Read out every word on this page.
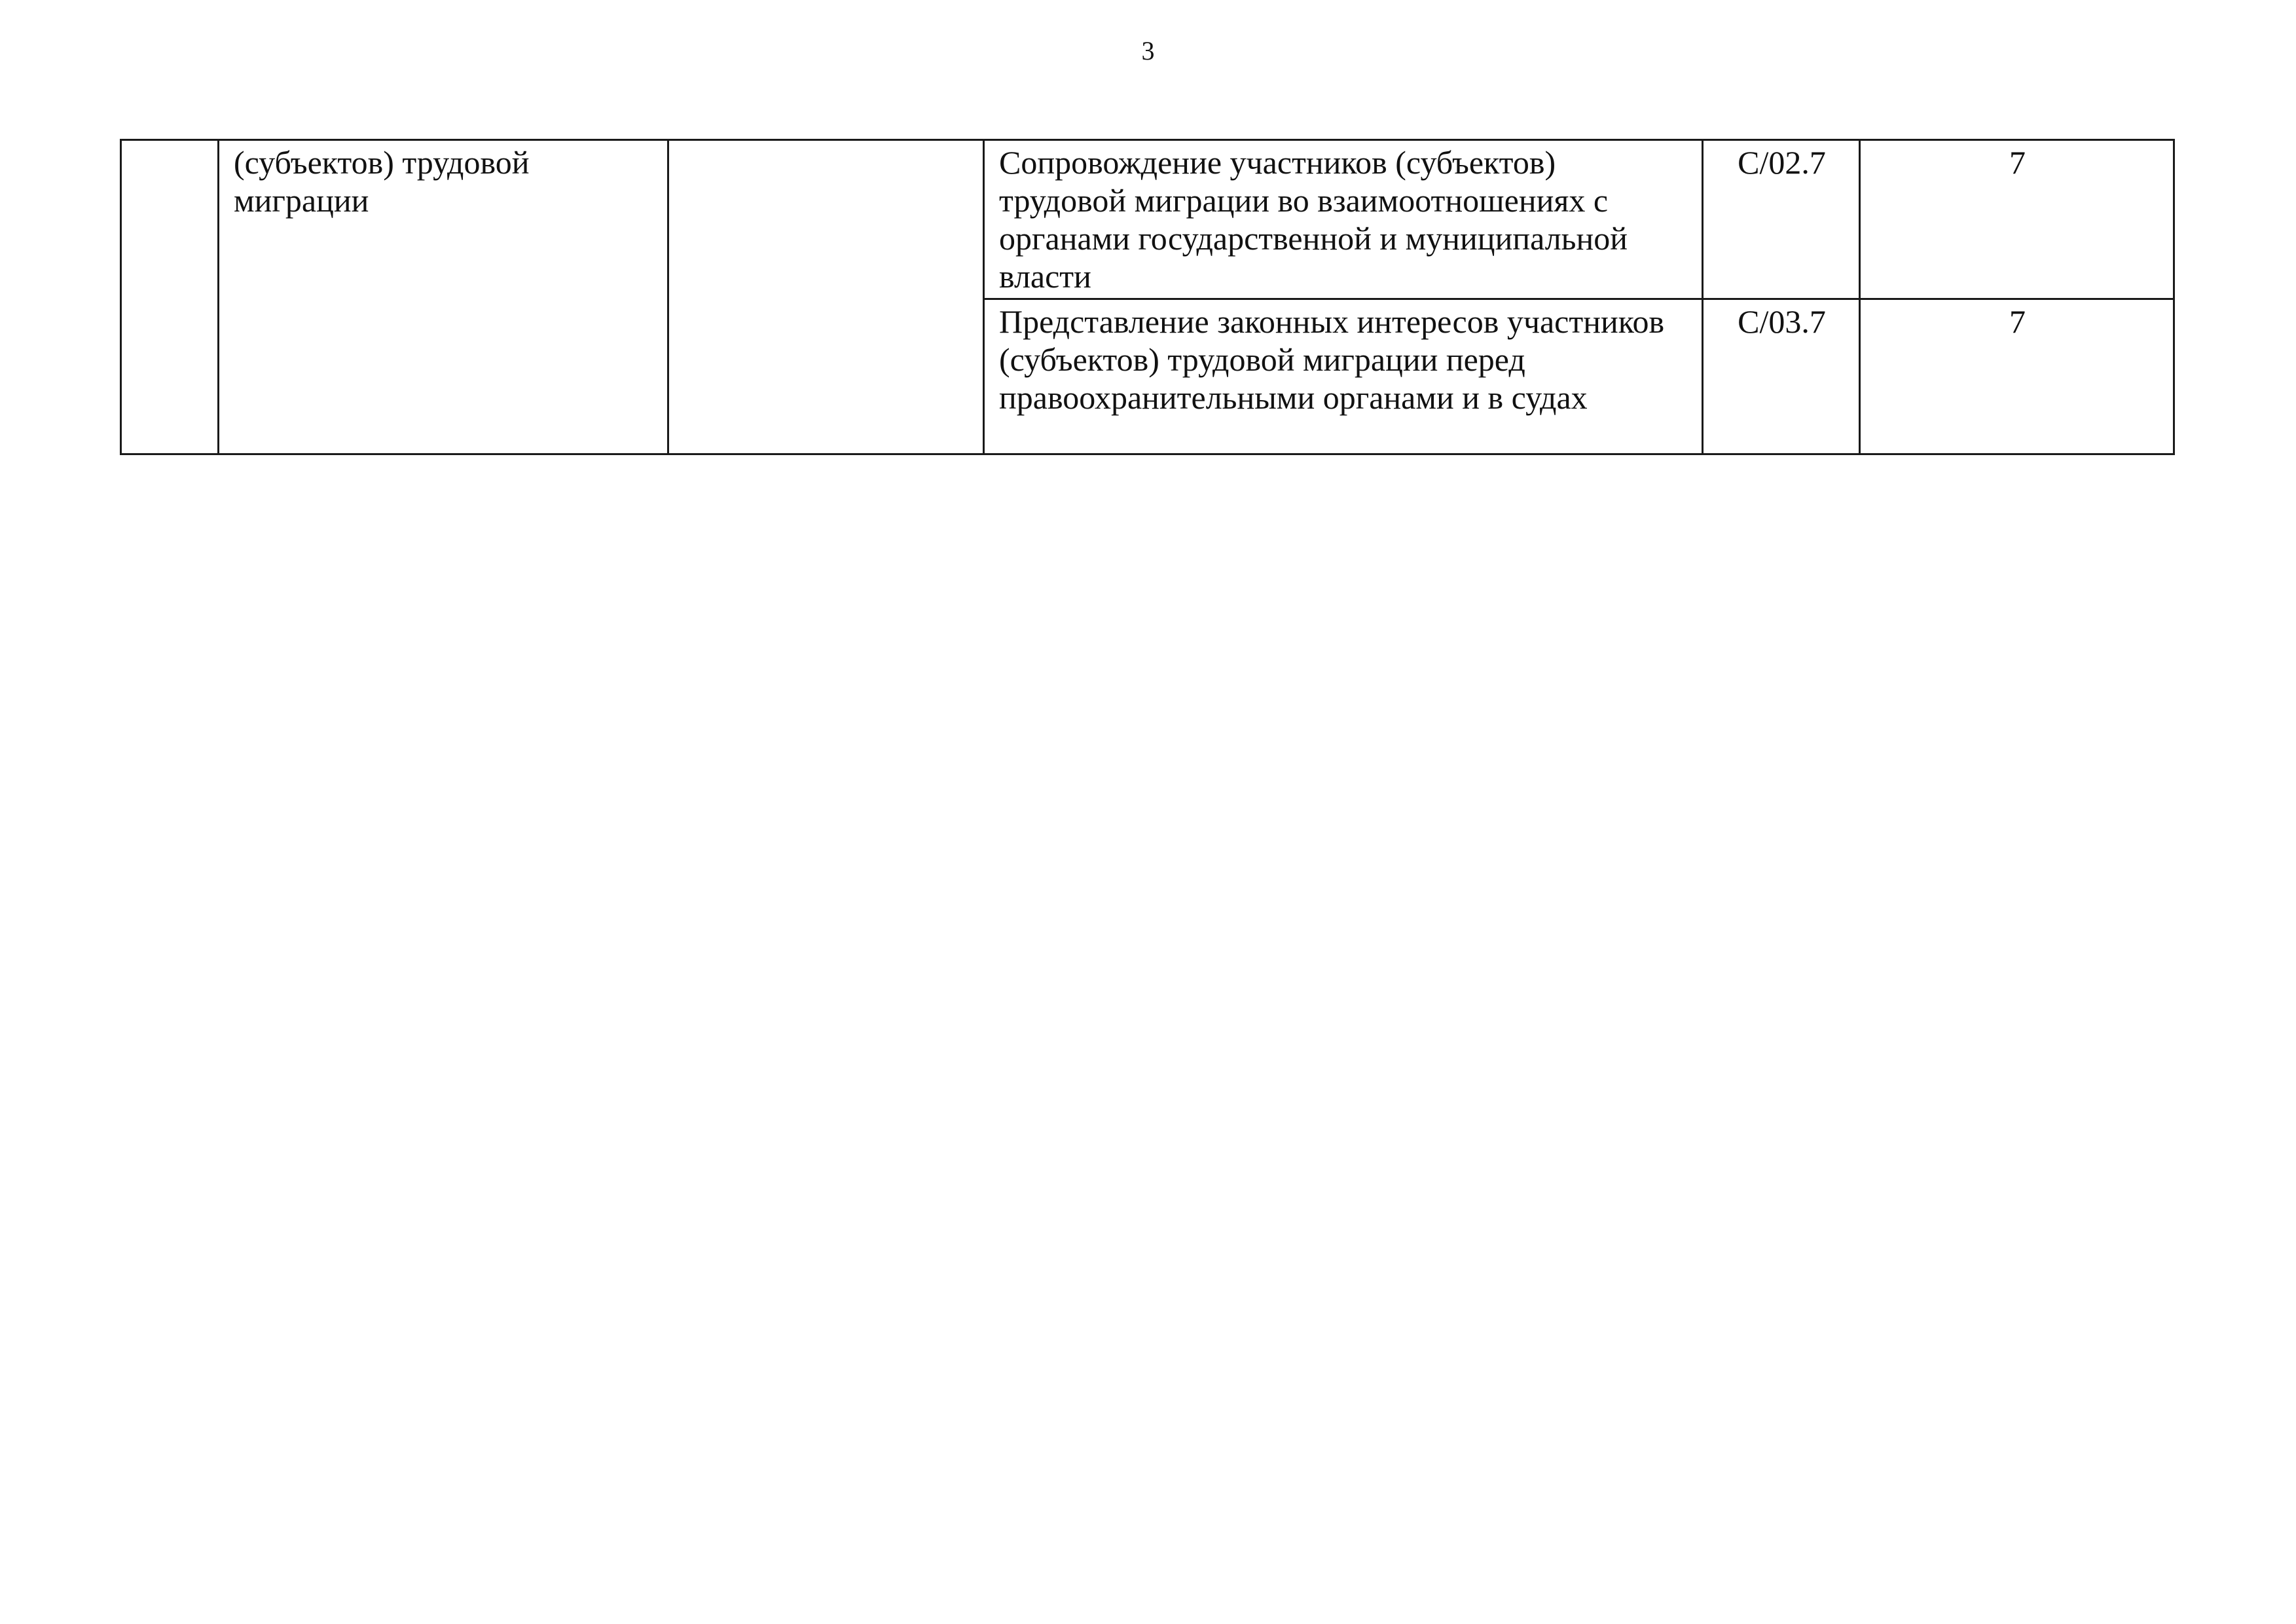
3
	(субъектов) трудовой миграции		Сопровождение участников (субъектов) трудовой миграции во взаимоотношениях с органами государственной и муниципальной власти	C/02.7	7
			Представление законных интересов участников (субъектов) трудовой миграции перед правоохранительными органами и в судах	C/03.7	7
